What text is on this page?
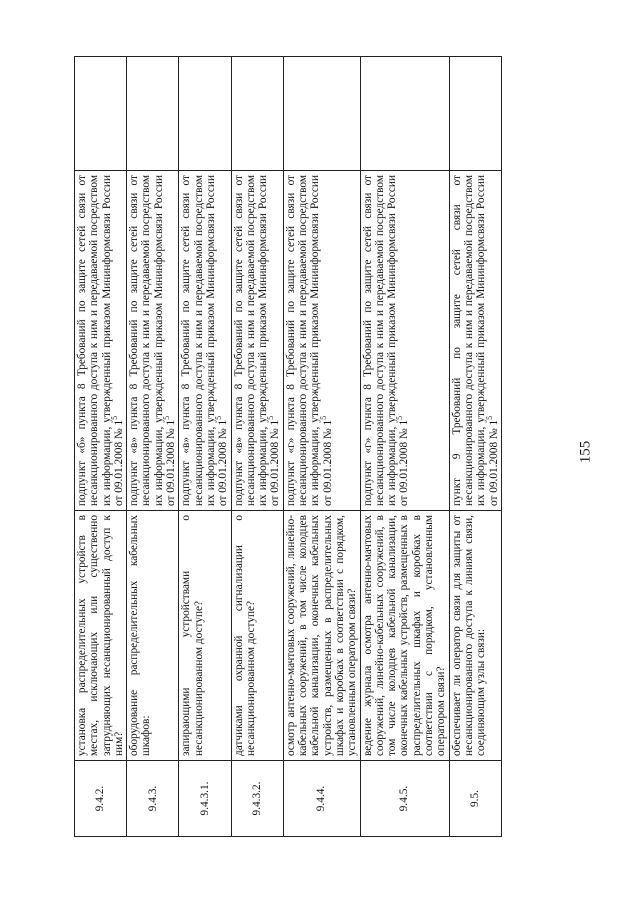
155
9.4.2.	установка распределительных устройств в местах, исключающих или существенно затрудняющих несанкционированный доступ к ним?	подпункт «б» пункта 8 Требований по защите сетей связи от несанкционированного доступа к ним и передаваемой посредством их информации, утвержденный приказом Мининформсвязи России от 09.01.2008 № $1^5$	
9.4.3.	оборудование распределительных кабельных шкафов:	подпункт «в» пункта 8 Требований по защите сетей связи от несанкционированного доступа к ним и передаваемой посредством их информации, утвержденный приказом Мининформсвязи России от 09.01.2008 № $1^5$	
9.4.3.1.	запирающими устройствами о несанкционированном доступе?	подпункт «в» пункта 8 Требований по защите сетей связи от несанкционированного доступа к ним и передаваемой посредством их информации, утвержденный приказом Мининформсвязи России от 09.01.2008 № $1^5$	
9.4.3.2.	датчиками охранной сигнализации о несанкционированном доступе?	подпункт «в» пункта 8 Требований по защите сетей связи от несанкционированного доступа к ним и передаваемой посредством их информации, утвержденный приказом Мининформсвязи России от 09.01.2008 № $1^5$	
9.4.4.	осмотр антенно-мачтовых сооружений, линейно-кабельных сооружений, в том числе колодцев кабельной канализации, оконечных кабельных устройств, размещенных в распределительных шкафах и коробках в соответствии с порядком, установленным оператором связи?	подпункт «г» пункта 8 Требований по защите сетей связи от несанкционированного доступа к ним и передаваемой посредством их информации, утвержденный приказом Мининформсвязи России от 09.01.2008 № $1^5$	
9.4.5.	ведение журнала осмотра антенно-мачтовых сооружений, линейно-кабельных сооружений, в том числе колодцев кабельной канализации, оконечных кабельных устройств, размещенных в распределительных шкафах и коробках в соответствии с порядком, установленным оператором связи?	подпункт «г» пункта 8 Требований по защите сетей связи от несанкционированного доступа к ним и передаваемой посредством их информации, утвержденный приказом Мининформсвязи России от 09.01.2008 № $1^5$	
9.5.	обеспечивает ли оператор связи для защиты от несанкционированного доступа к линиям связи, соединяющим узлы связи:	пункт 9 Требований по защите сетей связи от несанкционированного доступа к ним и передаваемой посредством их информации, утвержденный приказом Мининформсвязи России от 09.01.2008 № $1^5$	
